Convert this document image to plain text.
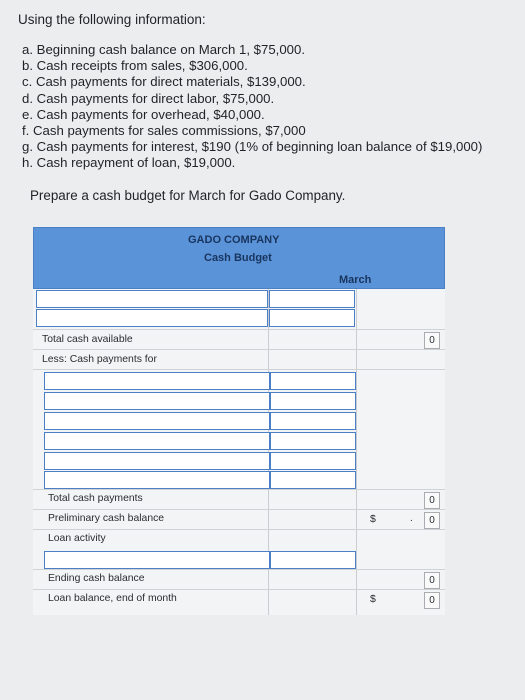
Using the following information:
a. Beginning cash balance on March 1, $75,000.
b. Cash receipts from sales, $306,000.
c. Cash payments for direct materials, $139,000.
d. Cash payments for direct labor, $75,000.
e. Cash payments for overhead, $40,000.
f. Cash payments for sales commissions, $7,000
g. Cash payments for interest, $190 (1% of beginning loan balance of $19,000)
h. Cash repayment of loan, $19,000.
Prepare a cash budget for March for Gado Company.
GADO COMPANY
Cash Budget
March
Total cash available	0
Less: Cash payments for
Total cash payments	0
Preliminary cash balance	$	.	0
Loan activity
Ending cash balance	0
Loan balance, end of month	$	0
